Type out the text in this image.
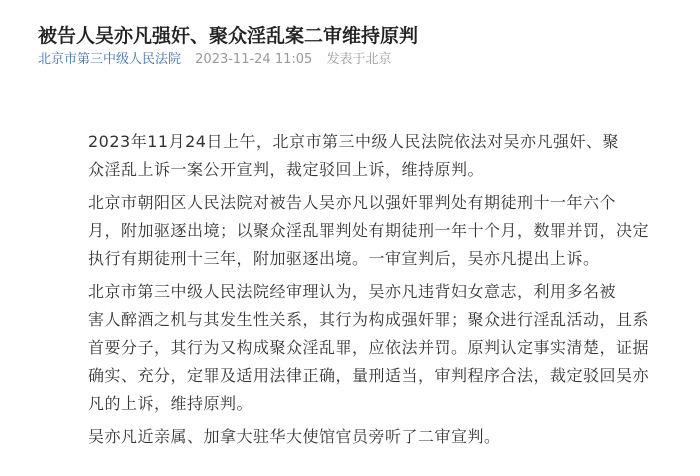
被告人吴亦凡强奸、聚众淫乱案二审维持原判
北京市第三中级人民法院 2023-11-24 11:05 发表于北京

2023年11月24日上午，北京市第三中级人民法院依法对吴亦凡强奸、聚
众淫乱上诉一案公开宣判，裁定驳回上诉，维持原判。

北京市朝阳区人民法院对被告人吴亦凡以强奸罪判处有期徒刑十一年六个
月，附加驱逐出境；以聚众淫乱罪判处有期徒刑一年十个月，数罪并罚，决定
执行有期徒刑十三年，附加驱逐出境。一审宣判后，吴亦凡提出上诉。

北京市第三中级人民法院经审理认为，吴亦凡违背妇女意志，利用多名被
害人醉酒之机与其发生性关系，其行为构成强奸罪；聚众进行淫乱活动，且系
首要分子，其行为又构成聚众淫乱罪，应依法并罚。原判认定事实清楚，证据
确实、充分，定罪及适用法律正确，量刑适当，审判程序合法，裁定驳回吴亦
凡的上诉，维持原判。

吴亦凡近亲属、加拿大驻华大使馆官员旁听了二审宣判。
